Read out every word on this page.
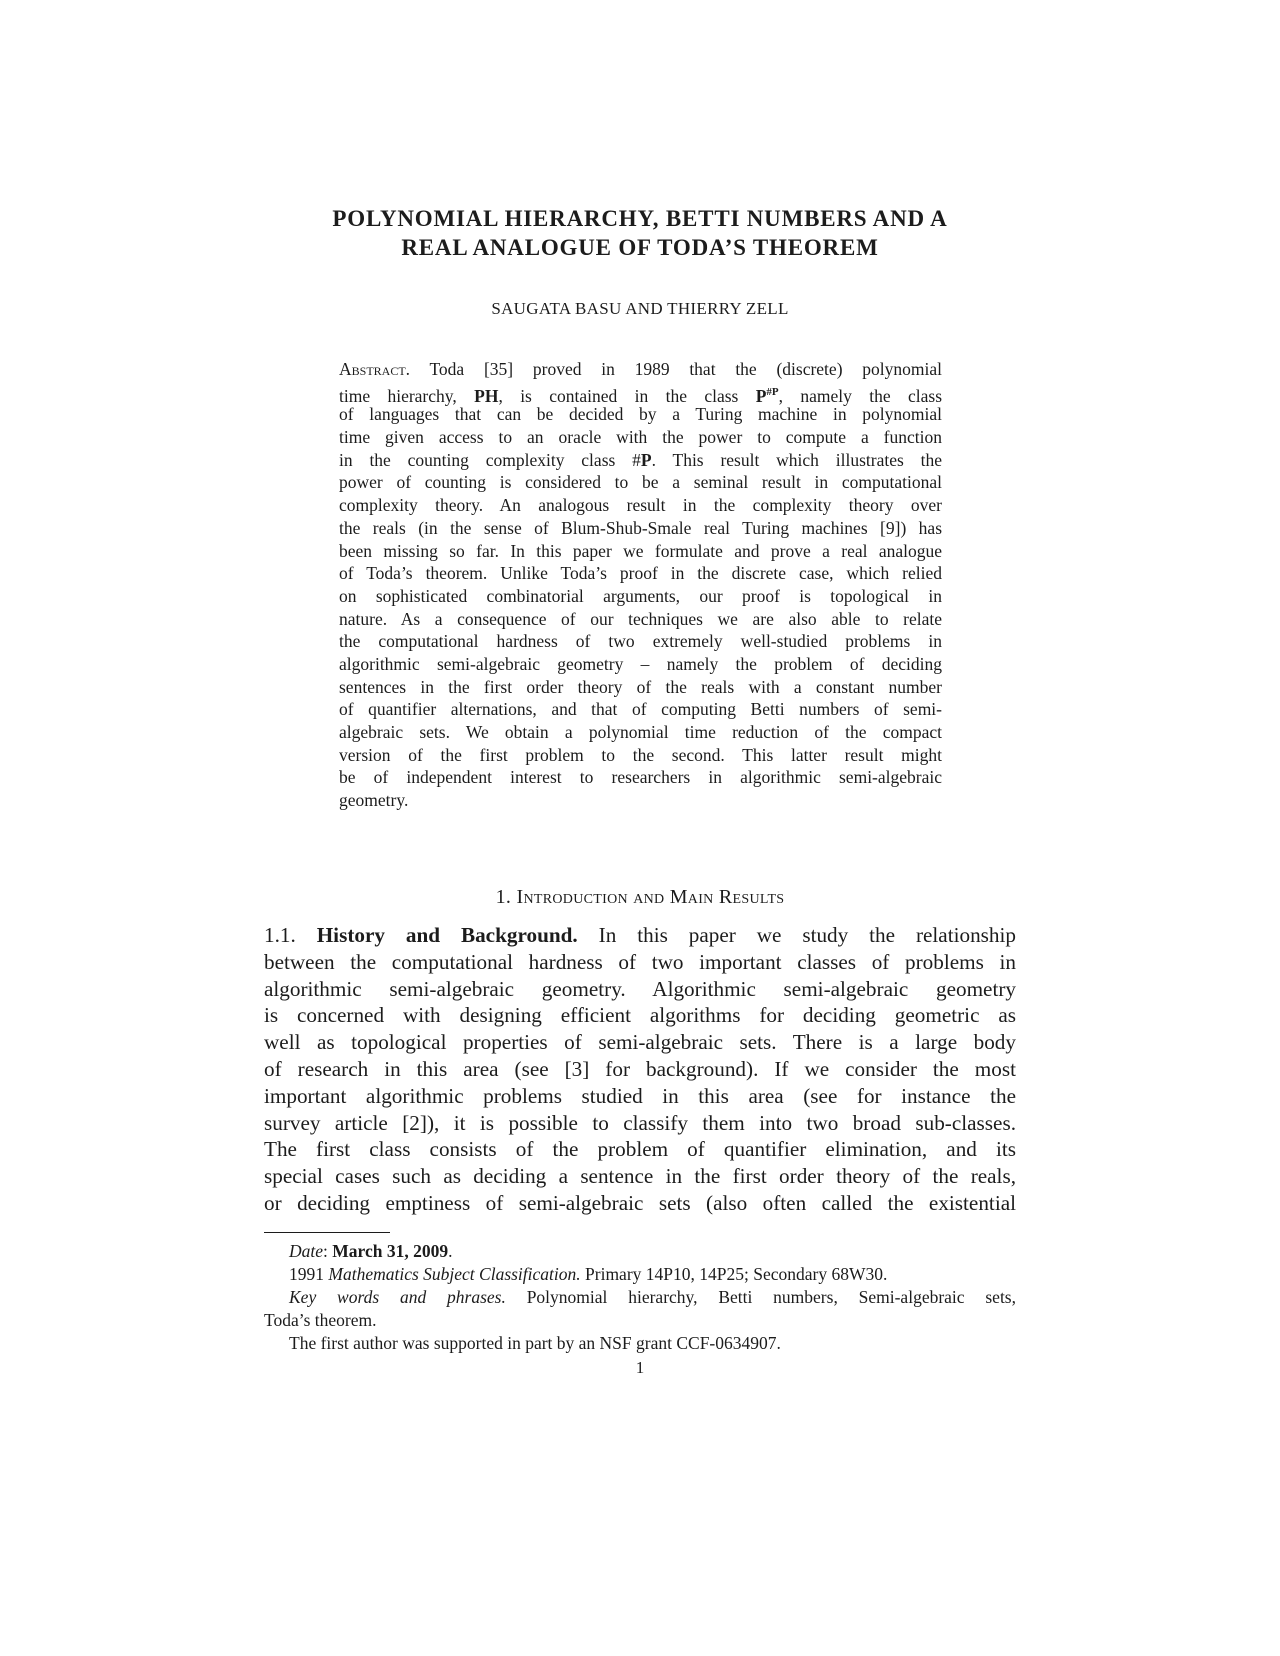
POLYNOMIAL HIERARCHY, BETTI NUMBERS AND A
REAL ANALOGUE OF TODA’S THEOREM
SAUGATA BASU AND THIERRY ZELL
Abstract. Toda [35] proved in 1989 that the (discrete) polynomial
time hierarchy, PH, is contained in the class $P^{\#P}$, namely the class
of languages that can be decided by a Turing machine in polynomial
time given access to an oracle with the power to compute a function
in the counting complexity class #P. This result which illustrates the
power of counting is considered to be a seminal result in computational
complexity theory. An analogous result in the complexity theory over
the reals (in the sense of Blum-Shub-Smale real Turing machines [9]) has
been missing so far. In this paper we formulate and prove a real analogue
of Toda’s theorem. Unlike Toda’s proof in the discrete case, which relied
on sophisticated combinatorial arguments, our proof is topological in
nature. As a consequence of our techniques we are also able to relate
the computational hardness of two extremely well-studied problems in
algorithmic semi-algebraic geometry – namely the problem of deciding
sentences in the first order theory of the reals with a constant number
of quantifier alternations, and that of computing Betti numbers of semi-
algebraic sets. We obtain a polynomial time reduction of the compact
version of the first problem to the second. This latter result might
be of independent interest to researchers in algorithmic semi-algebraic
geometry.
1. Introduction and Main Results
1.1. History and Background. In this paper we study the relationship
between the computational hardness of two important classes of problems in
algorithmic semi-algebraic geometry. Algorithmic semi-algebraic geometry
is concerned with designing efficient algorithms for deciding geometric as
well as topological properties of semi-algebraic sets. There is a large body
of research in this area (see [3] for background). If we consider the most
important algorithmic problems studied in this area (see for instance the
survey article [2]), it is possible to classify them into two broad sub-classes.
The first class consists of the problem of quantifier elimination, and its
special cases such as deciding a sentence in the first order theory of the reals,
or deciding emptiness of semi-algebraic sets (also often called the existential
Date: March 31, 2009.
1991 Mathematics Subject Classification. Primary 14P10, 14P25; Secondary 68W30.
Key words and phrases. Polynomial hierarchy, Betti numbers, Semi-algebraic sets,
Toda’s theorem.
The first author was supported in part by an NSF grant CCF-0634907.
1
